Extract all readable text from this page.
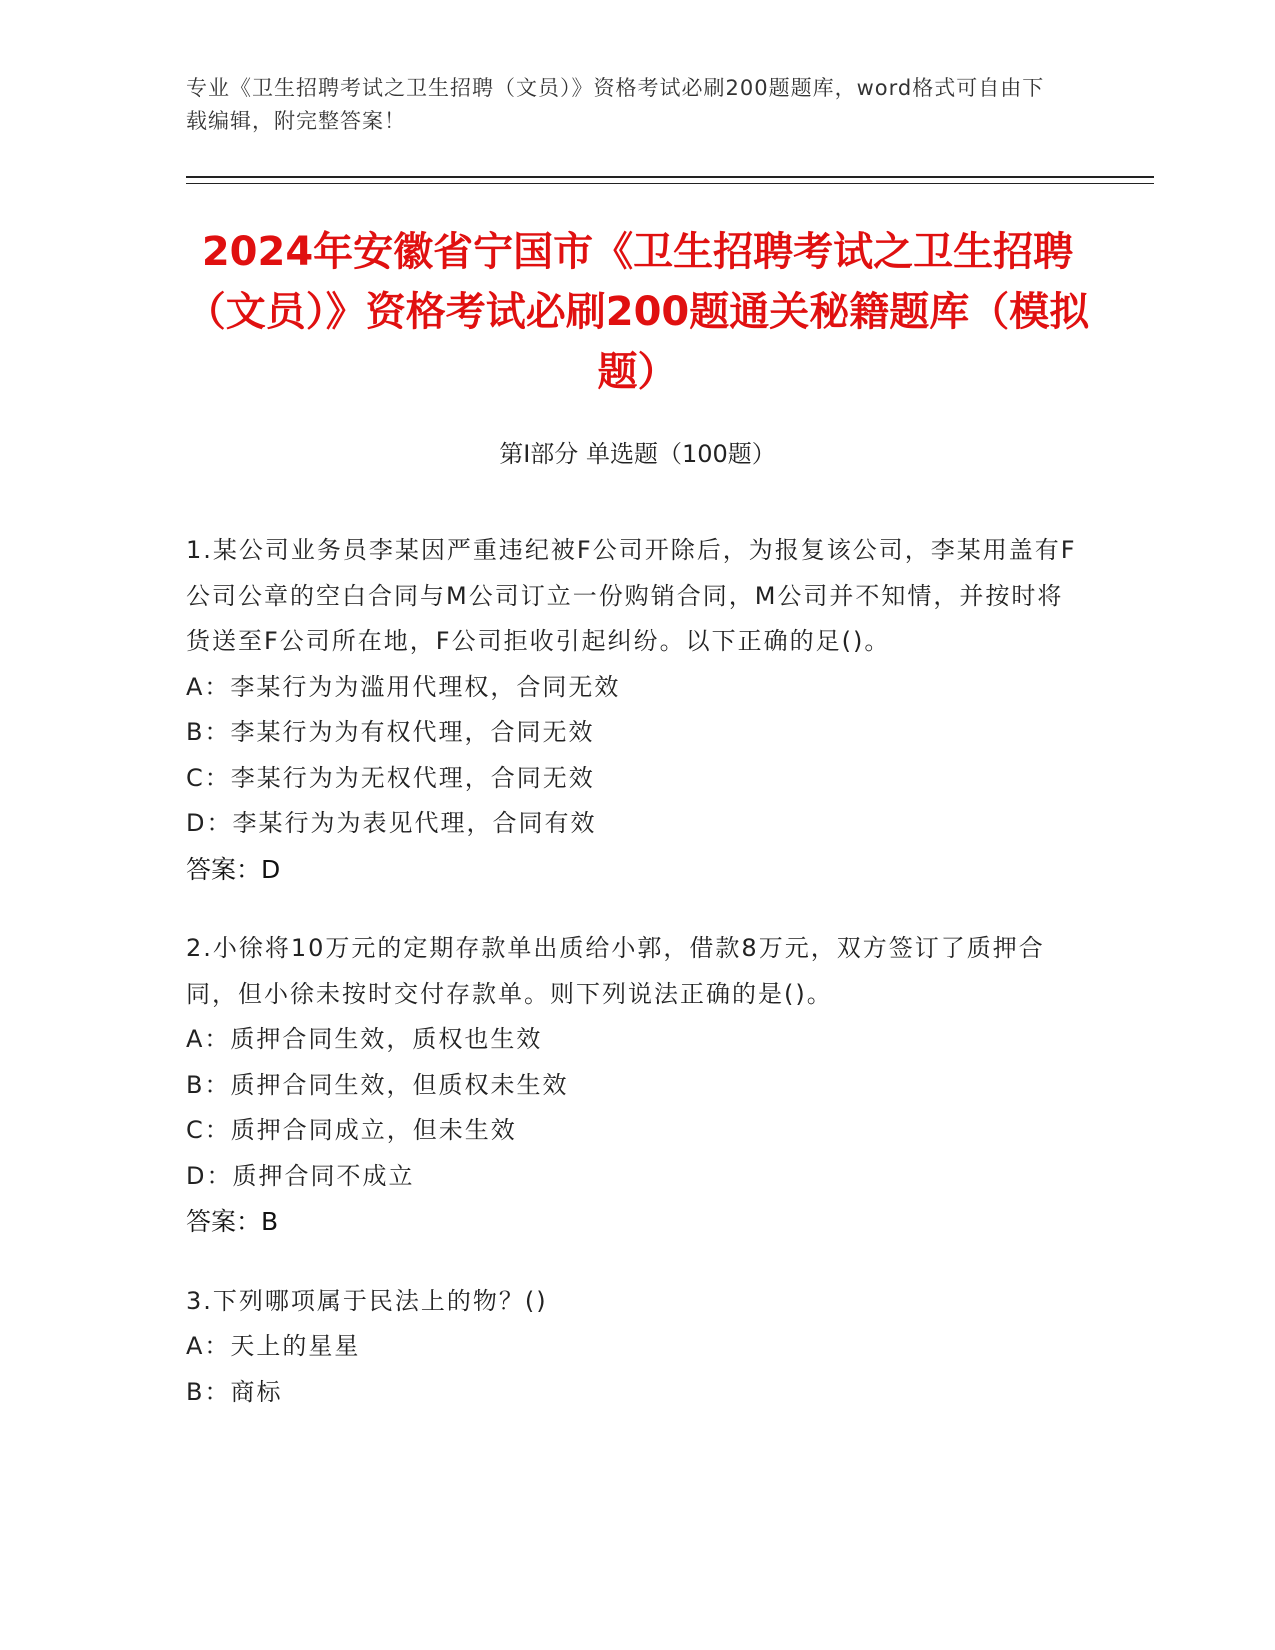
专业《卫生招聘考试之卫生招聘（文员）》资格考试必刷200题题库，word格式可自由下载编辑，附完整答案！
2024年安徽省宁国市《卫生招聘考试之卫生招聘（文员）》资格考试必刷200题通关秘籍题库（模拟题）
第Ⅰ部分 单选题（100题）
1.某公司业务员李某因严重违纪被F公司开除后，为报复该公司，李某用盖有F公司公章的空白合同与M公司订立一份购销合同，M公司并不知情，并按时将货送至F公司所在地，F公司拒收引起纠纷。以下正确的足()。
A：李某行为为滥用代理权，合同无效
B：李某行为为有权代理，合同无效
C：李某行为为无权代理，合同无效
D：李某行为为表见代理，合同有效
答案：D
2.小徐将10万元的定期存款单出质给小郭，借款8万元，双方签订了质押合同，但小徐未按时交付存款单。则下列说法正确的是()。
A：质押合同生效，质权也生效
B：质押合同生效，但质权未生效
C：质押合同成立，但未生效
D：质押合同不成立
答案：B
3.下列哪项属于民法上的物？()
A：天上的星星
B：商标
